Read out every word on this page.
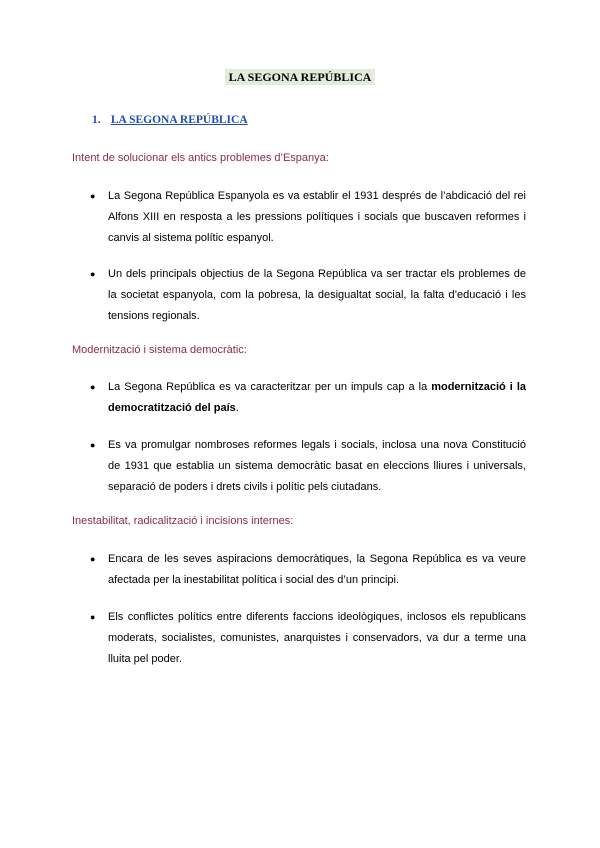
LA SEGONA REPÚBLICA
1. LA SEGONA REPÚBLICA
Intent de solucionar els antics problemes d’Espanya:
● La Segona República Espanyola es va establir el 1931 després de l’abdicació del rei Alfons XIII en resposta a les pressions polítiques i socials que buscaven reformes i canvis al sistema polític espanyol.
● Un dels principals objectius de la Segona República va ser tractar els problemes de la societat espanyola, com la pobresa, la desigualtat social, la falta d’educació i les tensions regionals.
Modernització i sistema democràtic:
● La Segona República es va caracteritzar per un impuls cap a la modernització i la democratització del país.
● Es va promulgar nombroses reformes legals i socials, inclosa una nova Constitució de 1931 que establia un sistema democràtic basat en eleccions lliures i universals, separació de poders i drets civils i polític pels ciutadans.
Inestabilitat, radicalització i incisions internes:
● Encara de les seves aspiracions democràtiques, la Segona República es va veure afectada per la inestabilitat política i social des d’un principi.
● Els conflictes polítics entre diferents faccions ideològiques, inclosos els republicans moderats, socialistes, comunistes, anarquistes i conservadors, va dur a terme una lluita pel poder.
